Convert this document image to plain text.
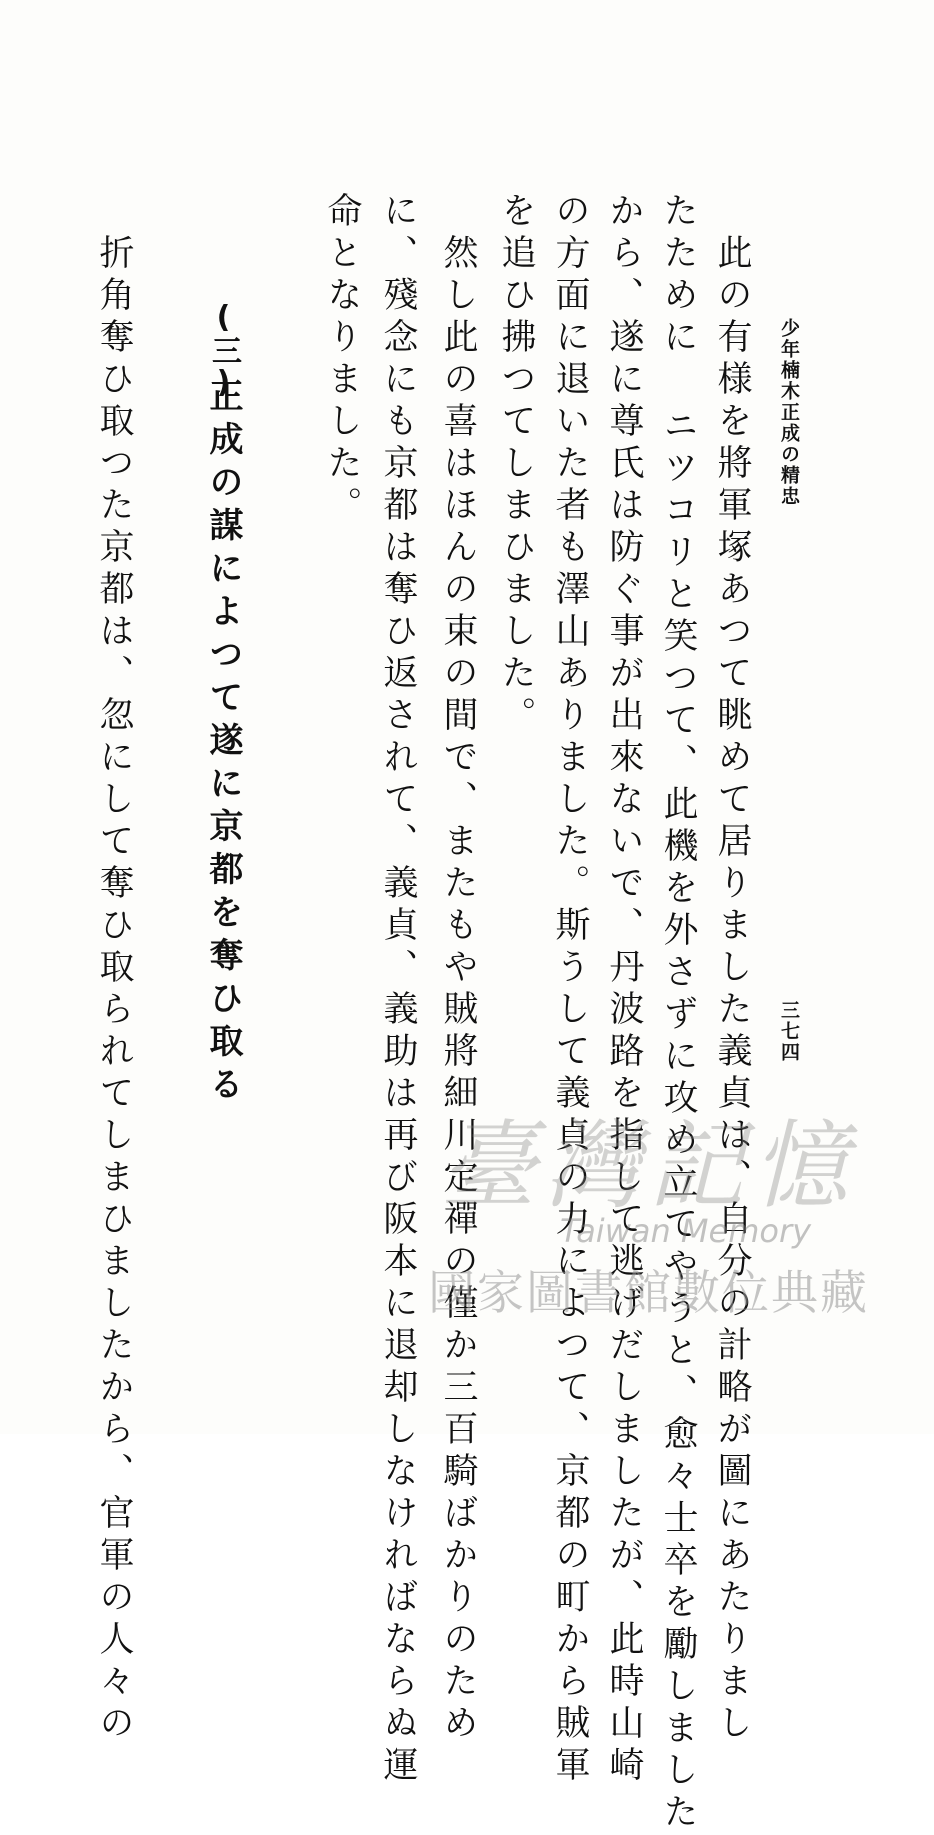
少年楠木正成の精忠
三七四
　此の有様を將軍塚あつて眺めて居りました義貞は、自分の計略が圖にあたりまし
たために ニツコリと笑つて、此機を外さずに攻め立てやうと、愈々士卒を勵しました
から、遂に尊氏は防ぐ事が出來ないで、丹波路を指して逃げだしましたが、此時山崎
の方面に退いた者も澤山ありました。斯うして義貞の力によつて、京都の町から賊軍
を追ひ拂つてしまひました。
　然し此の喜はほんの束の間で、またもや賊將細川定禪の僅か三百騎ばかりのため
に、殘念にも京都は奪ひ返されて、義貞、義助は再び阪本に退却しなければならぬ運
命となりました。
(三)
正成の謀によつて遂に京都を奪ひ取る
　折角奪ひ取つた京都は、忽にして奪ひ取られてしまひましたから、官軍の人々の	臺灣記憶
Taiwan Memory
國家圖書館數位典藏
